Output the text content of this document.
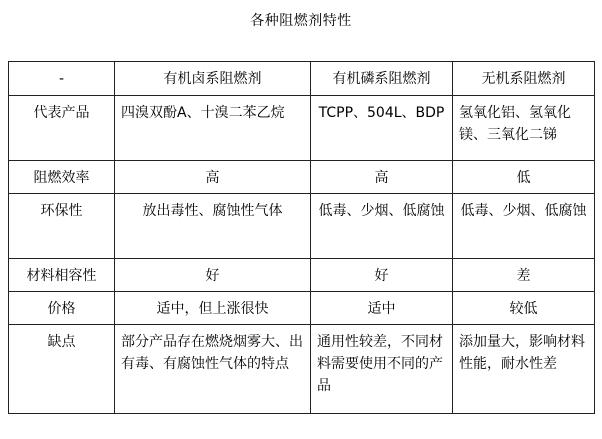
各种阻燃剂特性
-	有机卤系阻燃剂	有机磷系阻燃剂	无机系阻燃剂
代表产品	四溴双酚A、十溴二苯乙烷	TCPP、504L、BDP	氢氧化铝、氢氧化镁、三氧化二锑
阻燃效率	高	高	低
环保性	放出毒性、腐蚀性气体	低毒、少烟、低腐蚀	低毒、少烟、低腐蚀
材料相容性	好	好	差
价格	适中，但上涨很快	适中	较低
缺点	部分产品存在燃烧烟雾大、出有毒、有腐蚀性气体的特点	通用性较差，不同材料需要使用不同的产品	添加量大，影响材料性能，耐水性差
